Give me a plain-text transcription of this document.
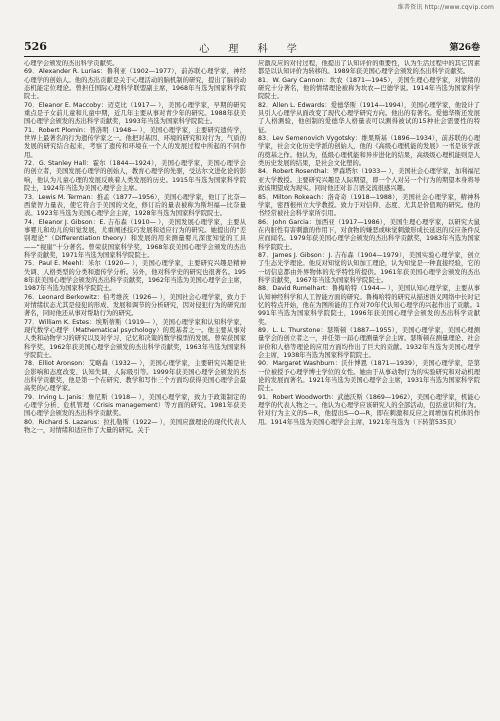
维普资讯 http://www.cqvip.com
526	心 理 科 学	第26卷

心理学会颁发的杰出科学贡献奖。

69．Alexander R. Lurias：鲁利亚（1902—1977），前苏联心理学家，神经心理学的创始人。他的杰出贡献是关于心理活动的脑机制的研究，提出了脑的动态机能定位理论。曾担任国际心理科学联盟副主席，1968年当选为国家科学院院士。

70．Eleanor E. Maccoby：迈克比（1917— ），美国心理学家，早期的研究重点是子女前儿童和儿童中期，近几年主要从事对青少年的研究。1988年获美国心理学会颁发的杰出科学贡献奖，1993年当选为国家科学院院士。

71．Robert Plomin：普洛明（1948— ），美国心理学家，主要研究遗传学，世界上最著名的行为遗传学家之一。他把对基因、环境的研究和对行为、气质的发展的研究结合起来，考察了遗传和环境在一个人的发展过程中所起的不同作用。

72．G. Stanley Hall：霍尔（1844—1924），美国心理学家，美国心理学会的创立者，美国发展心理学的创始人，教育心理学的先驱，受达尔文进化论的影响，他认为儿童心理的发展反映着人类发展的历史。1915年当选为国家科学院院士，1924年当选为美国心理学会主席。

73．Lewis M. Terman：推孟（1877—1956），美国心理学家，他订了比奈—西蒙智力量表，使它符合于美国的文化，修订后的量表被称为斯坦福—比奈量表。1923年当选为美国心理学会主席，1928年当选为国家科学院院士。

74．Eleanor J. Gibson：E. 吉布森（1910— ），美国发展心理学家，主要从事婴儿和幼儿的知觉发展，尤重阐述技巧发展和适应行为的研究。她提出的“差别理论”（Differentiation theory）和发展的用来测量婴儿深度知觉的工具——“视崖”十分著名。曾荣获国家科学奖，1968年获美国心理学会颁发的杰出科学贡献奖，1971年当选为国家科学院院士。

75．Paul E. Meehl：米尔（1920— ），美国心理学家，主要研究兴趣是精神失调、人格类型的分类和遗传学分析。另外，他对科学史的研究也很著名。1958年获美国心理学会颁发的杰出科学贡献奖，1962年当选为美国心理学会主席，1987年当选为国家科学院院士。

76．Leonard Berkowitz：伯考维茨（1926— ），美国社会心理学家，致力于对情绪状态尤其是侵犯的形成、发展和调节的分析研究，因对侵犯行为的研究而著名，同时他还从事对帮助行为的研究。

77．William K. Estes：埃斯蒂斯（1919— ），美国心理学家和认知科学家，现代数学心理学（Mathematical psychology）的奠基者之一。他主要从事对人类和动物学习的研究以及对学习、记忆和决策的数学模型的发展。曾荣获国家科学奖，1962年获美国心理学会颁发的杰出科学贡献奖，1963年当选为国家科学院院士。

78．Elliot Aronson：艾略森（1932— ），美国心理学家，主要研究兴趣是社会影响和态度改变、认知失调、人际吸引等。1999年获美国心理学会颁发的杰出科学贡献奖，他是第一个在研究、教学和写作三个方面均获得美国心理学会最高奖的心理学家。

79．Irving L. Janis：詹尼斯（1918— ），美国心理学家，致力于政策制定的心理学分析、危机管理（Crisis management）等方面的研究。1981年获美国心理学会颁发的杰出科学贡献奖。

80．Richard S. Lazarus：拉扎勒斯（1922— ），美国应激理论的现代代表人物之一，对情绪和适应作了大量的研究。关于

应激反应的对付过程，他提出了认知评价的重要性，认为生活过程中的其它因素都是以认知评价为转移的。1989年获美国心理学会颁发的杰出科学贡献奖。

81．W. Gary Cannon：坎农（1871—1945），美国生理心理学家，对情绪的研究十分著名，他的情绪理论被称为坎农—巴德学说。1914年当选为国家科学院院士。

82．Allen L. Edwards：爱德华斯（1914—1994），美国心理学家，他设计了具引人心理学从面改变了现代心理学研究方向。他出的有著名。爱德华斯还发展了人格测验，他创制的爱德华人格量表可以测得被试的15种社会需要性的特征。

83．Lev Semenovich Vygotsky：维果斯基（1896—1934），前苏联的心理学家，社会文化历史学派的创始人，他的《高级心理机能的发展》一书是该学派的奠基之作。他认为，低级心理机能和异步进化的结果，高级级心理机能则是人类历史发展的结果，是社会文化塑的。

84．Robert Rosenthal：罗森塔尔（1933— ），美国社会心理学家，加利福尼亚大学教授。主要研究兴趣是人际期望，即一个人对另一个行为的期望本身将导致该期望成为现实。同时他还对非言语交流很感兴趣。

85．Milton Rokeach：洛奇奇（1918—1988），美国社会心理学家，精神科学家，密西根州立大学教授。致力于对信仰、态度、尤其是价值观的研究。他的书经常被社会科学家所引用。

86．John Garcia：加西亚（1917—1986），美国生理心理学家，以研究大鼠在内脏性有害刺激的作用下，对食物的嫌恶或味觉刺激形成长延迟的反应条件反应而闻名。1979年获美国心理学会颁发的杰出科学贡献奖，1983年当选为国家科学院院士。

87．James J. Gibson：J. 吉布森（1904—1979），美国实验心理学家，创立了生态光学理论。他反对知觉的认知加工理论，认为知觉是一种直接经验，它的一切信息都由外界物体的光学特性所提供。1961年获美国心理学会颁发的杰出科学贡献奖，1967年当选为国家科学院院士。

88．David Rumelhart：鲁梅哈特（1944— ），美国认知心理学家，主要从事认知神经科学和人工智能方面的研究。鲁梅哈特的研究从描述语义网络中长时记忆的特点开始，他在为图所能的工作对70年代认知心理学的兴起作出了贡献。1991年当选为国家科学院院士，1996年获美国心理学会颁发的杰出科学贡献奖。

89．L. L. Thurstone：瑟斯顿（1887—1955），美国心理学家，美国心理测量学会的创立者之一，并任第一届心理测量学会主席。瑟斯顿在测量理论、社会评价和人格等理论的应用方面均作出了巨大的贡献。1932年当选为美国心理学会主席，1938年当选为国家科学院院士。

90．Margaret Washburn：沃什博恩（1871—1939），美国心理学家，是第一位被授予心理学博士学位的女性。她由于从事动物行为的实验研究和对动机理论的发展而著名。1921年当选为美国心理学会主席，1931年当选为国家科学院院士。

91．Robert Woodworth：武德沃斯（1869—1962），美国心理学家，机能心理学的代表人物之一。他认为心理学应该研究人的全部活动，包括意识和行为。针对行为主义的S—R，他提出S—O—R，即在刺激和反应之间增加有机体的作用。1914年当选为美国心理学会主席，1921年当选为（下转第535页）
